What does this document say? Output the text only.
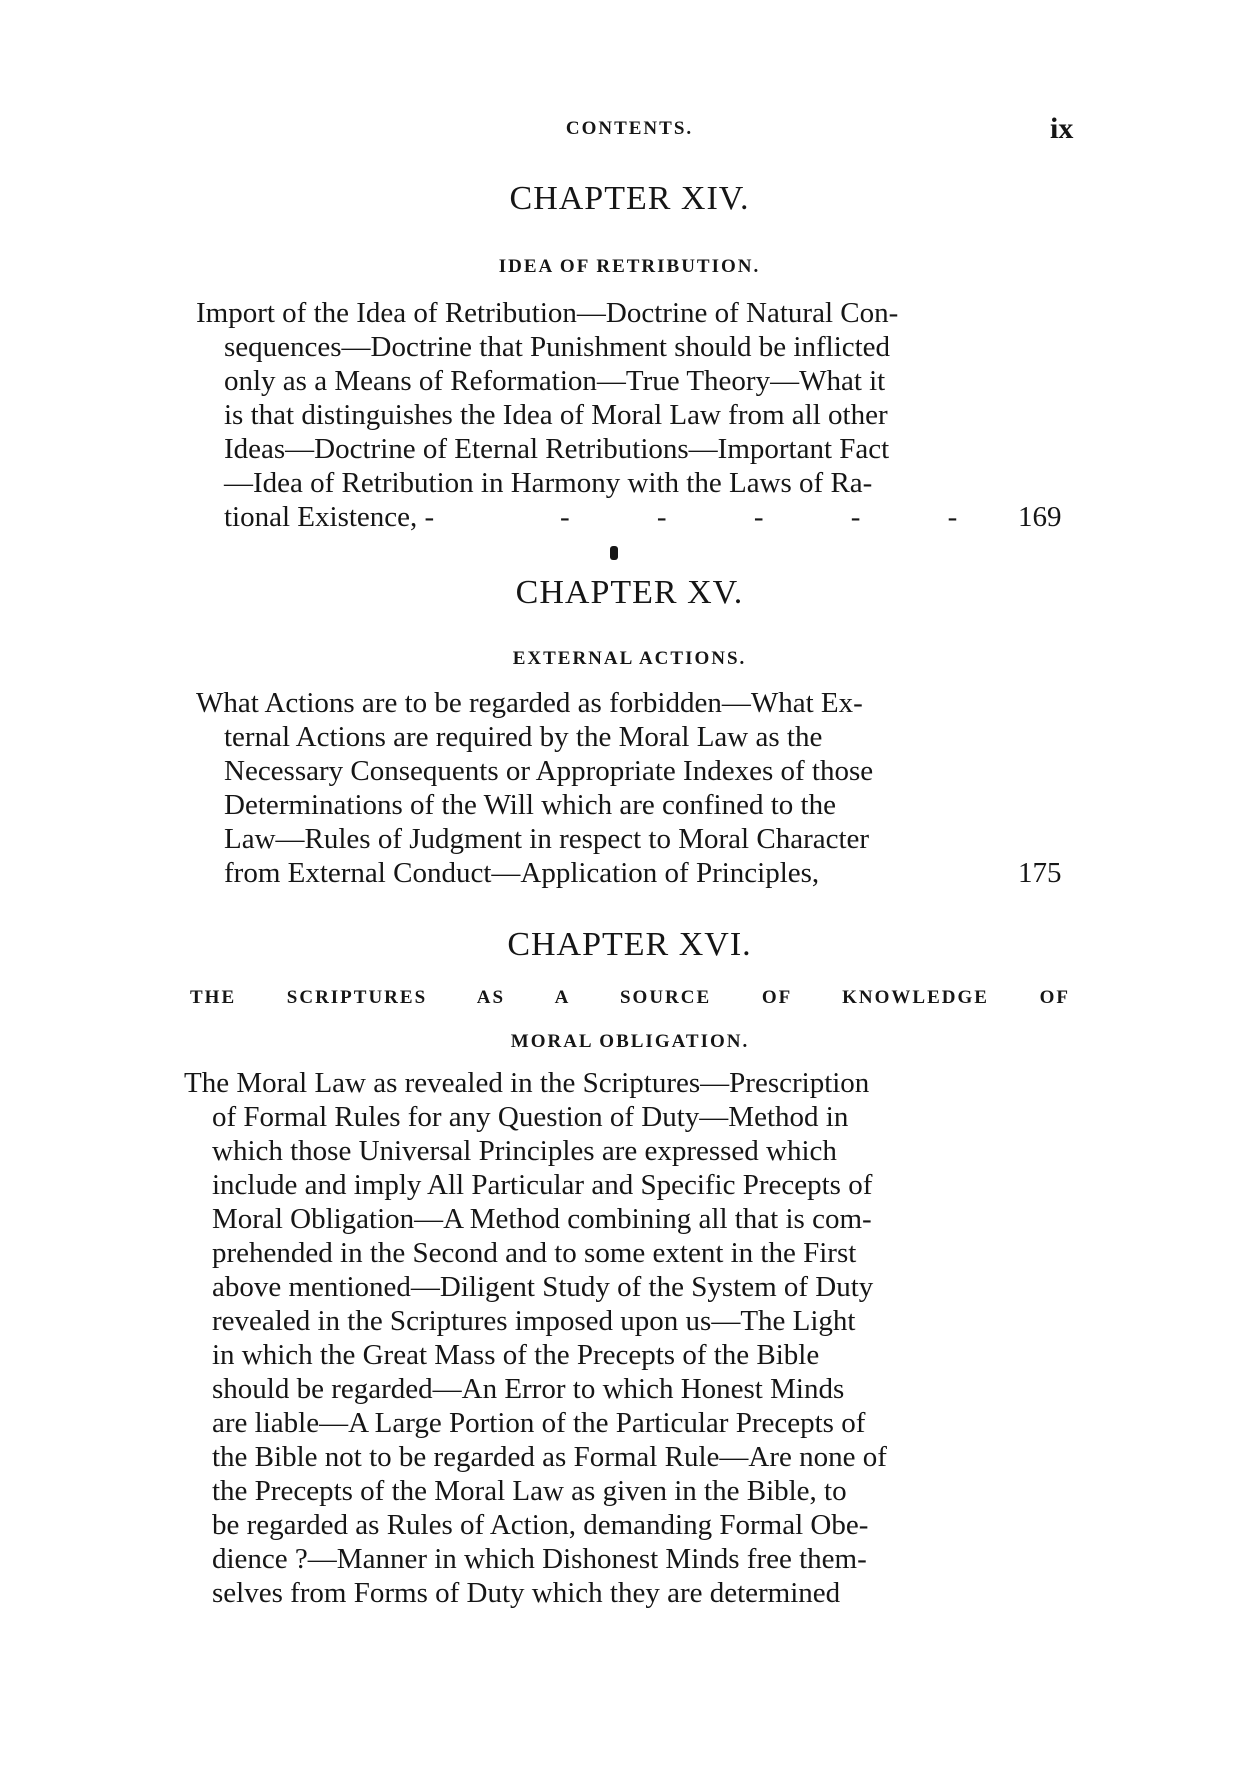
CONTENTS.	ix
CHAPTER XIV.
IDEA OF RETRIBUTION.
Import of the Idea of Retribution—Doctrine of Natural Con-
sequences—Doctrine that Punishment should be inflicted
only as a Means of Reformation—True Theory—What it
is that distinguishes the Idea of Moral Law from all other
Ideas—Doctrine of Eternal Retributions—Important Fact
—Idea of Retribution in Harmony with the Laws of Ra-
tional Existence, -	- - - - - 169
CHAPTER XV.
EXTERNAL ACTIONS.
What Actions are to be regarded as forbidden—What Ex-
ternal Actions are required by the Moral Law as the
Necessary Consequents or Appropriate Indexes of those
Determinations of the Will which are confined to the
Law—Rules of Judgment in respect to Moral Character
from External Conduct—Application of Principles,	175
CHAPTER XVI.
THE SCRIPTURES AS A SOURCE OF KNOWLEDGE OF
MORAL OBLIGATION.
The Moral Law as revealed in the Scriptures—Prescription
of Formal Rules for any Question of Duty—Method in
which those Universal Principles are expressed which
include and imply All Particular and Specific Precepts of
Moral Obligation—A Method combining all that is com-
prehended in the Second and to some extent in the First
above mentioned—Diligent Study of the System of Duty
revealed in the Scriptures imposed upon us—The Light
in which the Great Mass of the Precepts of the Bible
should be regarded—An Error to which Honest Minds
are liable—A Large Portion of the Particular Precepts of
the Bible not to be regarded as Formal Rule—Are none of
the Precepts of the Moral Law as given in the Bible, to
be regarded as Rules of Action, demanding Formal Obe-
dience ?—Manner in which Dishonest Minds free them-
selves from Forms of Duty which they are determined
